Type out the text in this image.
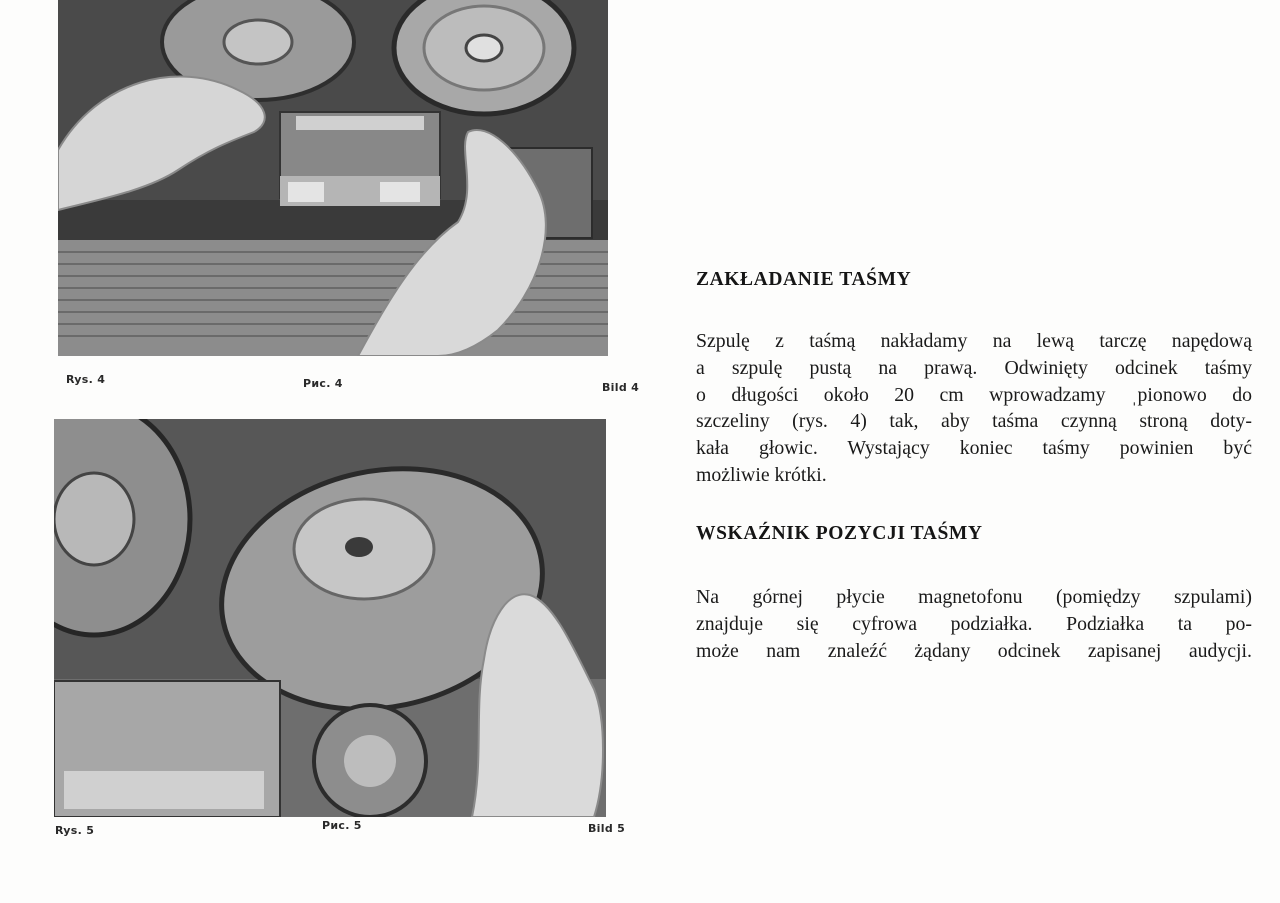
Rys. 4	Рис. 4	Bild 4
Rys. 5	Рис. 5	Bild 5
ZAKŁADANIE TAŚMY
Szpulę z taśmą nakładamy na lewą tarczę napędową
a szpulę pustą na prawą. Odwinięty odcinek taśmy
o długości około 20 cm wprowadzamy ˌpionowo do
szczeliny (rys. 4) tak, aby taśma czynną stroną doty-
kała głowic. Wystający koniec taśmy powinien być
możliwie krótki.
WSKAŹNIK POZYCJI TAŚMY
Na górnej płycie magnetofonu (pomiędzy szpulami)
znajduje się cyfrowa podziałka. Podziałka ta po-
może nam znaleźć żądany odcinek zapisanej audycji.
